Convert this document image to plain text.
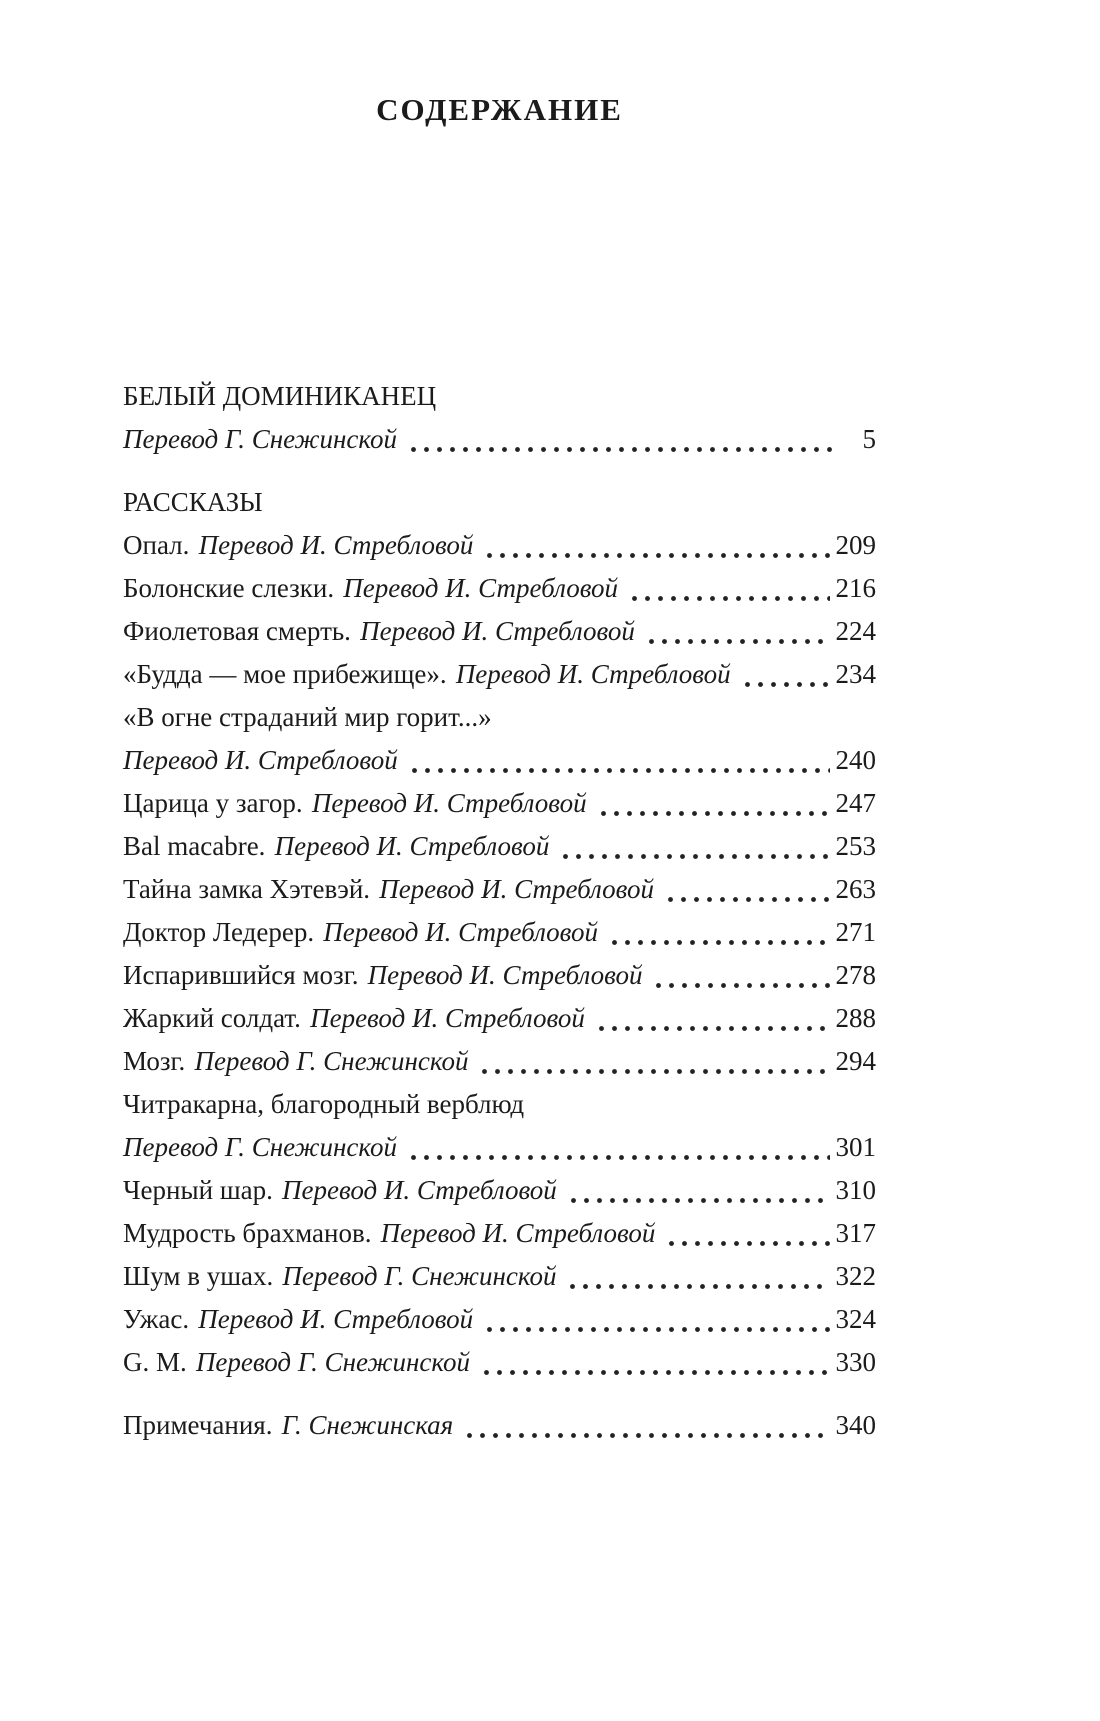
СОДЕРЖАНИЕ
БЕЛЫЙ ДОМИНИКАНЕЦ
Перевод Г. Снежинской	5
РАССКАЗЫ
Опал. Перевод И. Стребловой	209
Болонские слезки. Перевод И. Стребловой	216
Фиолетовая смерть. Перевод И. Стребловой	224
«Будда — мое прибежище». Перевод И. Стребловой	234
«В огне страданий мир горит...»
Перевод И. Стребловой	240
Царица у загор. Перевод И. Стребловой	247
Bal macabre. Перевод И. Стребловой	253
Тайна замка Хэтевэй. Перевод И. Стребловой	263
Доктор Ледерер. Перевод И. Стребловой	271
Испарившийся мозг. Перевод И. Стребловой	278
Жаркий солдат. Перевод И. Стребловой	288
Мозг. Перевод Г. Снежинской	294
Читракарна, благородный верблюд
Перевод Г. Снежинской	301
Черный шар. Перевод И. Стребловой	310
Мудрость брахманов. Перевод И. Стребловой	317
Шум в ушах. Перевод Г. Снежинской	322
Ужас. Перевод И. Стребловой	324
G. M. Перевод Г. Снежинской	330
Примечания. Г. Снежинская	340
